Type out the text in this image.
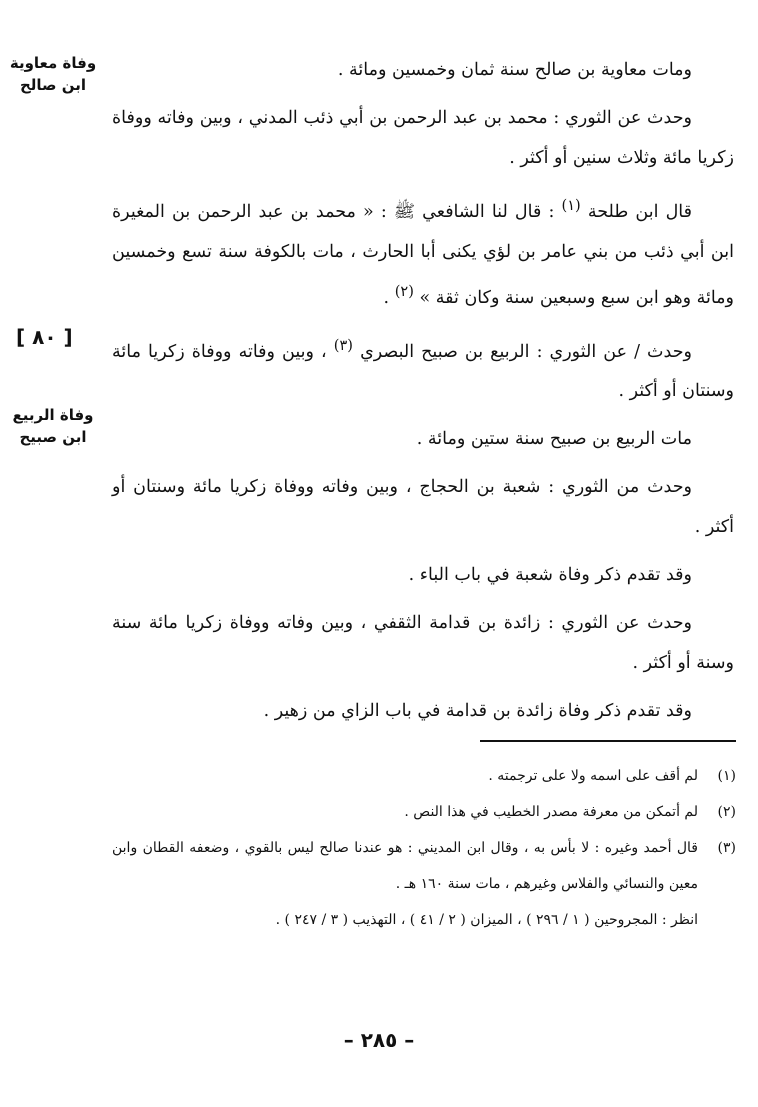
وفاة معاوية
ابن صالح
[ ٨٠ ]
وفاة الربيع
ابن صبيح

ومات معاوية بن صالح سنة ثمان وخمسين ومائة .

وحدث عن الثوري : محمد بن عبد الرحمن بن أبي ذئب المدني ، وبين وفاته ووفاة زكريا مائة وثلاث سنين أو أكثر .

قال ابن طلحة $^{(١)}$ : قال لنا الشافعي ﷺ : « محمد بن عبد الرحمن بن المغيرة ابن أبي ذئب من بني عامر بن لؤي يكنى أبا الحارث ، مات بالكوفة سنة تسع وخمسين ومائة وهو ابن سبع وسبعين سنة وكان ثقة » $^{(٢)}$ .

وحدث / عن الثوري : الربيع بن صبيح البصري $^{(٣)}$ ، وبين وفاته ووفاة زكريا مائة وسنتان أو أكثر .

مات الربيع بن صبيح سنة ستين ومائة .

وحدث من الثوري : شعبة بن الحجاج ، وبين وفاته ووفاة زكريا مائة وسنتان أو أكثر .

وقد تقدم ذكر وفاة شعبة في باب الباء .

وحدث عن الثوري : زائدة بن قدامة الثقفي ، وبين وفاته ووفاة زكريا مائة سنة وسنة أو أكثر .

وقد تقدم ذكر وفاة زائدة بن قدامة في باب الزاي من زهير .

(١)
لم أقف على اسمه ولا على ترجمته .
(٢)
لم أتمكن من معرفة مصدر الخطيب في هذا النص .
(٣)
قال أحمد وغيره : لا بأس به ، وقال ابن المديني : هو عندنا صالح ليس بالقوي ، وضعفه القطان وابن معين والنسائي والفلاس وغيرهم ، مات سنة ١٦٠ هـ .
انظر : المجروحين ( ١ / ٢٩٦ ) ، الميزان ( ٢ / ٤١ ) ، التهذيب ( ٣ / ٢٤٧ ) .
– ٢٨٥ –
